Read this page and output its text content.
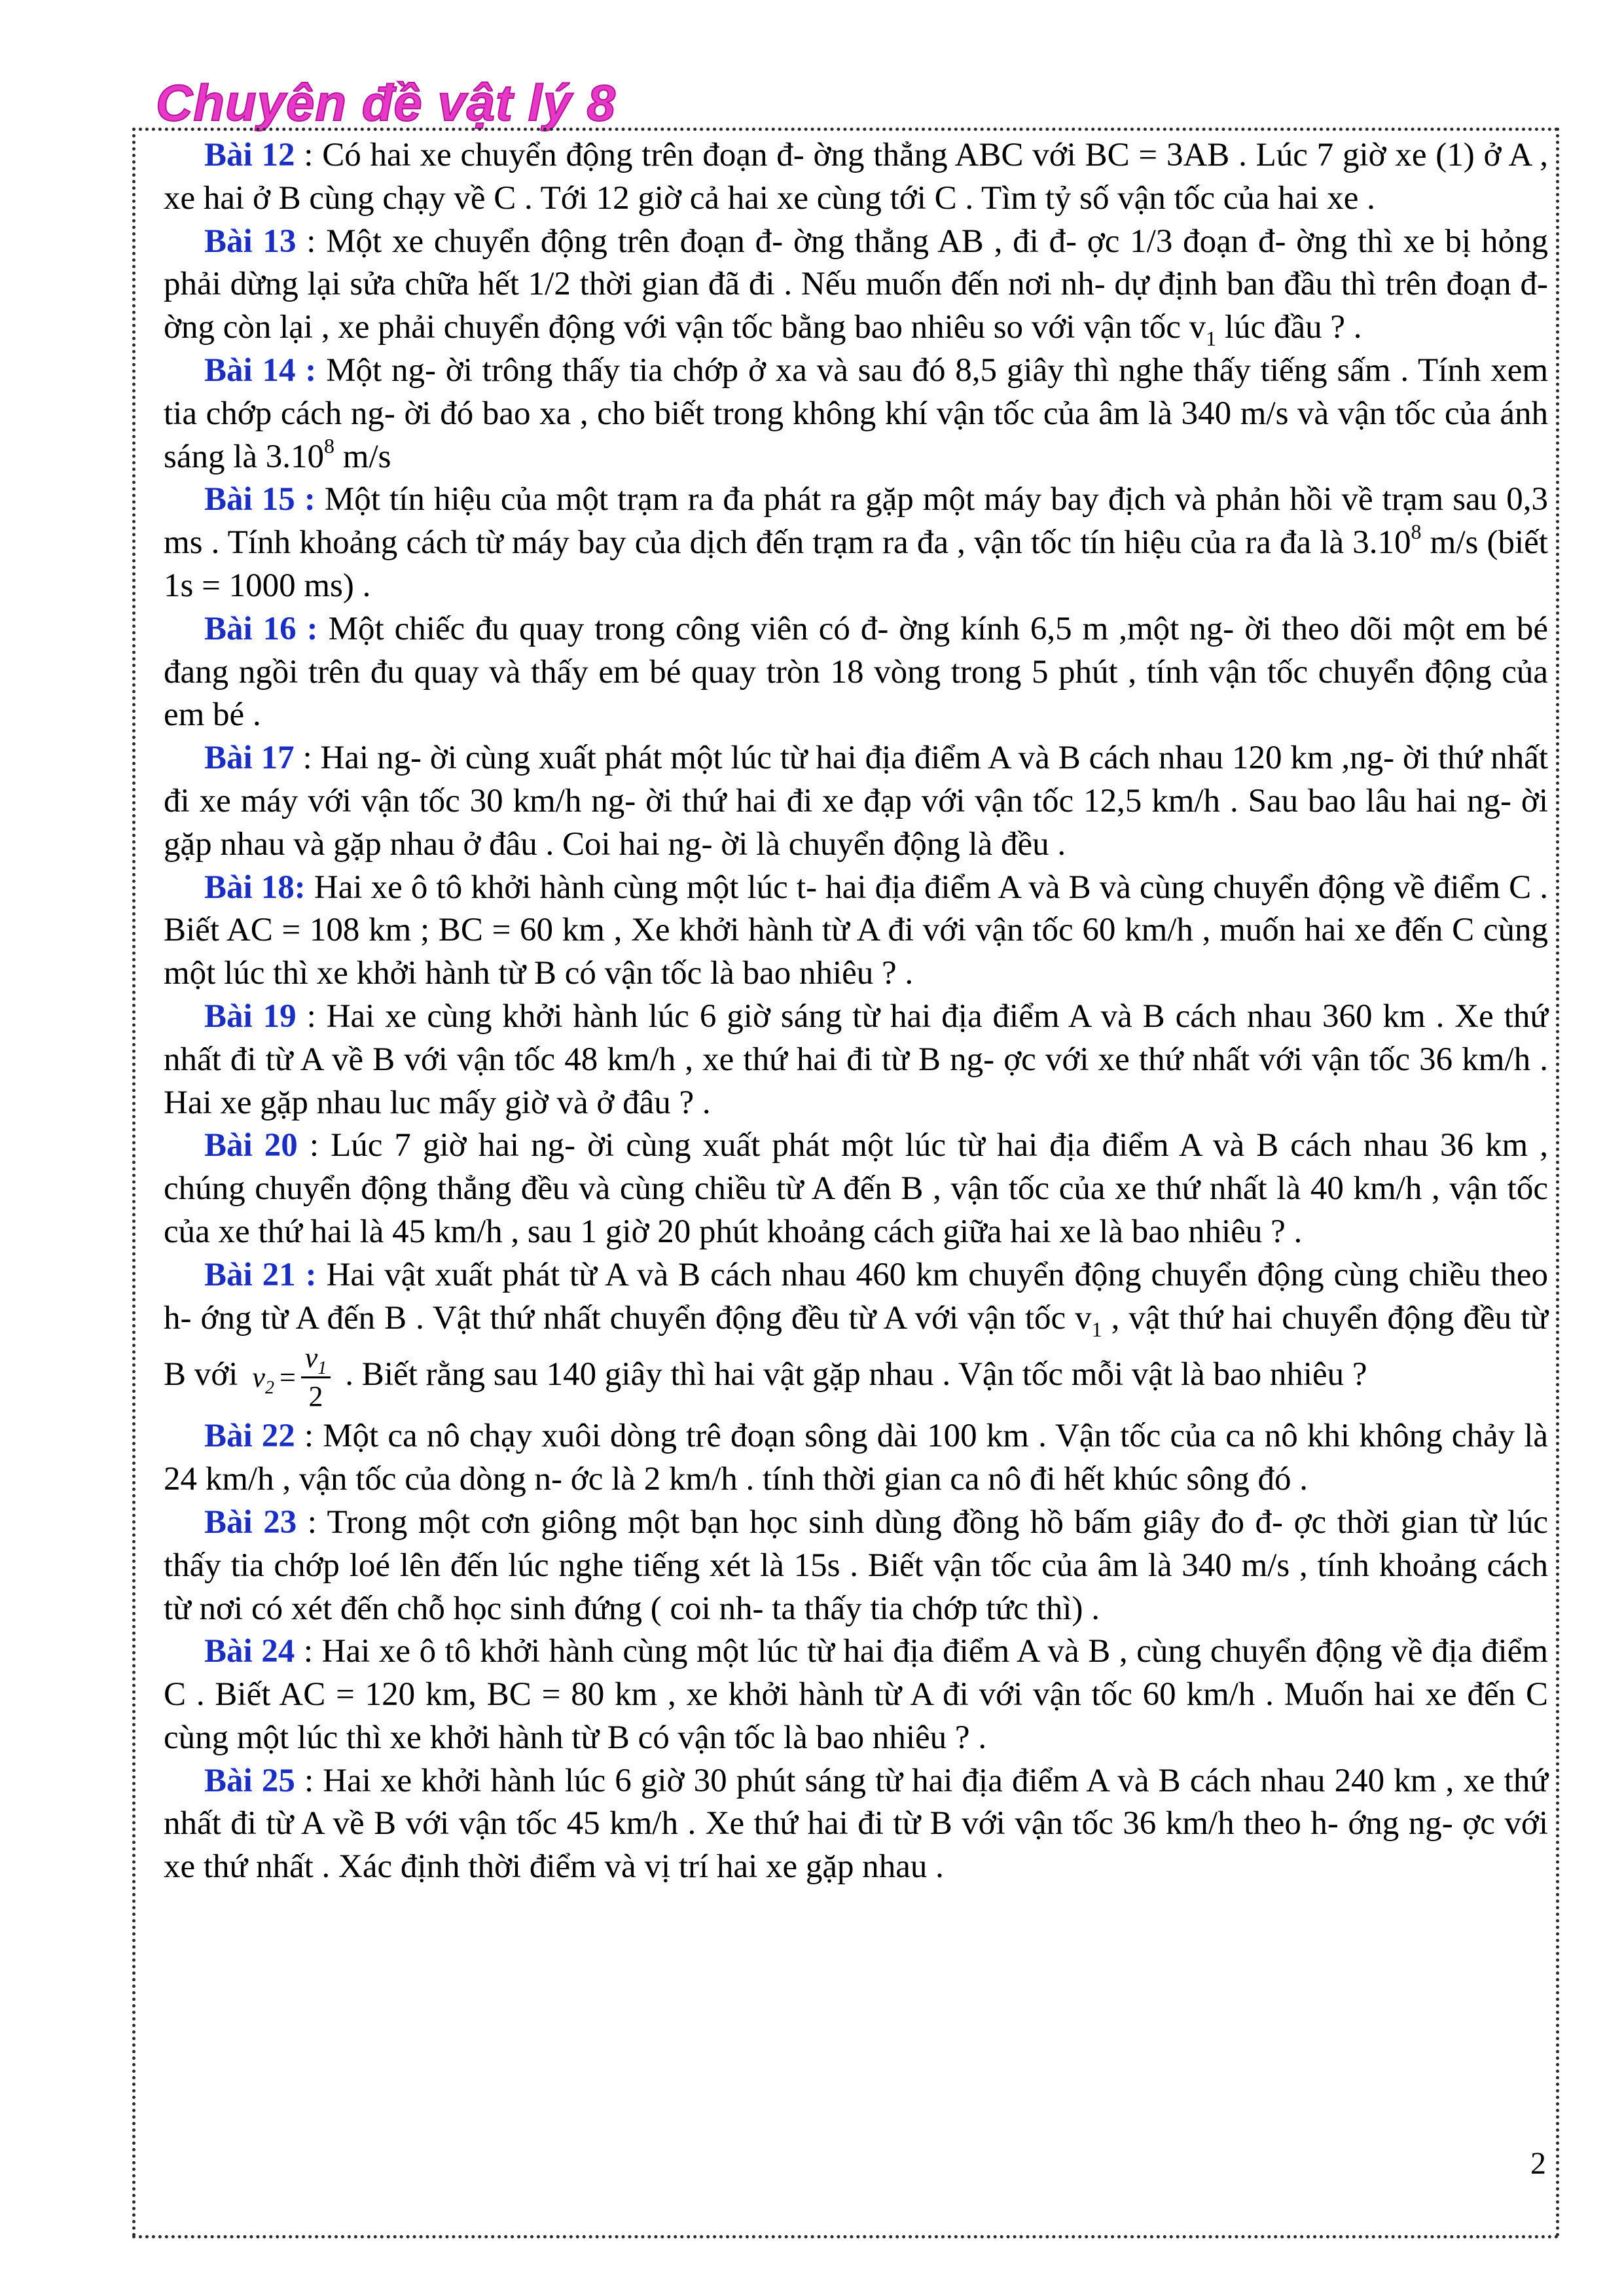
Chuyên đề vật lý 8

Bài 12 : Có hai xe chuyển động trên đoạn đ- ờng thẳng ABC với BC = 3AB . Lúc 7 giờ xe (1) ở A , xe hai ở B cùng chạy về C . Tới 12 giờ cả hai xe cùng tới C . Tìm tỷ số vận tốc của hai xe .

Bài 13 : Một xe chuyển động trên đoạn đ- ờng thẳng AB , đi đ- ợc 1/3 đoạn đ- ờng thì xe bị hỏng phải dừng lại sửa chữa hết 1/2 thời gian đã đi . Nếu muốn đến nơi nh- dự định ban đầu thì trên đoạn đ- ờng còn lại , xe phải chuyển động với vận tốc bằng bao nhiêu so với vận tốc $v_1$ lúc đầu ? .

Bài 14 : Một ng- ời trông thấy tia chớp ở xa và sau đó 8,5 giây thì nghe thấy tiếng sấm . Tính xem tia chớp cách ng- ời đó bao xa , cho biết trong không khí vận tốc của âm là 340 m/s và vận tốc của ánh sáng là 3.10$^8$ m/s

Bài 15 : Một tín hiệu của một trạm ra đa phát ra gặp một máy bay địch và phản hồi về trạm sau 0,3 ms . Tính khoảng cách từ máy bay của dịch đến trạm ra đa , vận tốc tín hiệu của ra đa là 3.10$^8$ m/s (biết 1s = 1000 ms) .

Bài 16 : Một chiếc đu quay trong công viên có đ- ờng kính 6,5 m ,một ng- ời theo dõi một em bé đang ngồi trên đu quay và thấy em bé quay tròn 18 vòng trong 5 phút , tính vận tốc chuyển động của em bé .

Bài 17 : Hai ng- ời cùng xuất phát một lúc từ hai địa điểm A và B cách nhau 120 km ,ng- ời thứ nhất đi xe máy với vận tốc 30 km/h ng- ời thứ hai đi xe đạp với vận tốc 12,5 km/h . Sau bao lâu hai ng- ời gặp nhau và gặp nhau ở đâu . Coi hai ng- ời là chuyển động là đều .

Bài 18: Hai xe ô tô khởi hành cùng một lúc t- hai địa điểm A và B và cùng chuyển động về điểm C . Biết AC = 108 km ; BC = 60 km , Xe khởi hành từ A đi với vận tốc 60 km/h , muốn hai xe đến C cùng một lúc thì xe khởi hành từ B có vận tốc là bao nhiêu ? .

Bài 19 : Hai xe cùng khởi hành lúc 6 giờ sáng từ hai địa điểm A và B cách nhau 360 km . Xe thứ nhất đi từ A về B với vận tốc 48 km/h , xe thứ hai đi từ B ng- ợc với xe thứ nhất với vận tốc 36 km/h . Hai xe gặp nhau luc mấy giờ và ở đâu ? .

Bài 20 : Lúc 7 giờ hai ng- ời cùng xuất phát một lúc từ hai địa điểm A và B cách nhau 36 km , chúng chuyển động thẳng đều và cùng chiều từ A đến B , vận tốc của xe thứ nhất là 40 km/h , vận tốc của xe thứ hai là 45 km/h , sau 1 giờ 20 phút khoảng cách giữa hai xe là bao nhiêu ? .

Bài 21 : Hai vật xuất phát từ A và B cách nhau 460 km chuyển động chuyển động cùng chiều theo h- ớng từ A đến B . Vật thứ nhất chuyển động đều từ A với vận tốc $v_1$ , vật thứ hai chuyển động đều từ B với $v_2 = \frac{v_1}{2}$ . Biết rằng sau 140 giây thì hai vật gặp nhau . Vận tốc mỗi vật là bao nhiêu ?

Bài 22 : Một ca nô chạy xuôi dòng trê đoạn sông dài 100 km . Vận tốc của ca nô khi không chảy là 24 km/h , vận tốc của dòng n- ớc là 2 km/h . tính thời gian ca nô đi hết khúc sông đó .

Bài 23 : Trong một cơn giông một bạn học sinh dùng đồng hồ bấm giây đo đ- ợc thời gian từ lúc thấy tia chớp loé lên đến lúc nghe tiếng xét là 15s . Biết vận tốc của âm là 340 m/s , tính khoảng cách từ nơi có xét đến chỗ học sinh đứng ( coi nh- ta thấy tia chớp tức thì) .

Bài 24 : Hai xe ô tô khởi hành cùng một lúc từ hai địa điểm A và B , cùng chuyển động về địa điểm C . Biết AC = 120 km, BC = 80 km , xe khởi hành từ A đi với vận tốc 60 km/h . Muốn hai xe đến C cùng một lúc thì xe khởi hành từ B có vận tốc là bao nhiêu ? .

Bài 25 : Hai xe khởi hành lúc 6 giờ 30 phút sáng từ hai địa điểm A và B cách nhau 240 km , xe thứ nhất đi từ A về B với vận tốc 45 km/h . Xe thứ hai đi từ B với vận tốc 36 km/h theo h- ớng ng- ợc với xe thứ nhất . Xác định thời điểm và vị trí hai xe gặp nhau .

2
